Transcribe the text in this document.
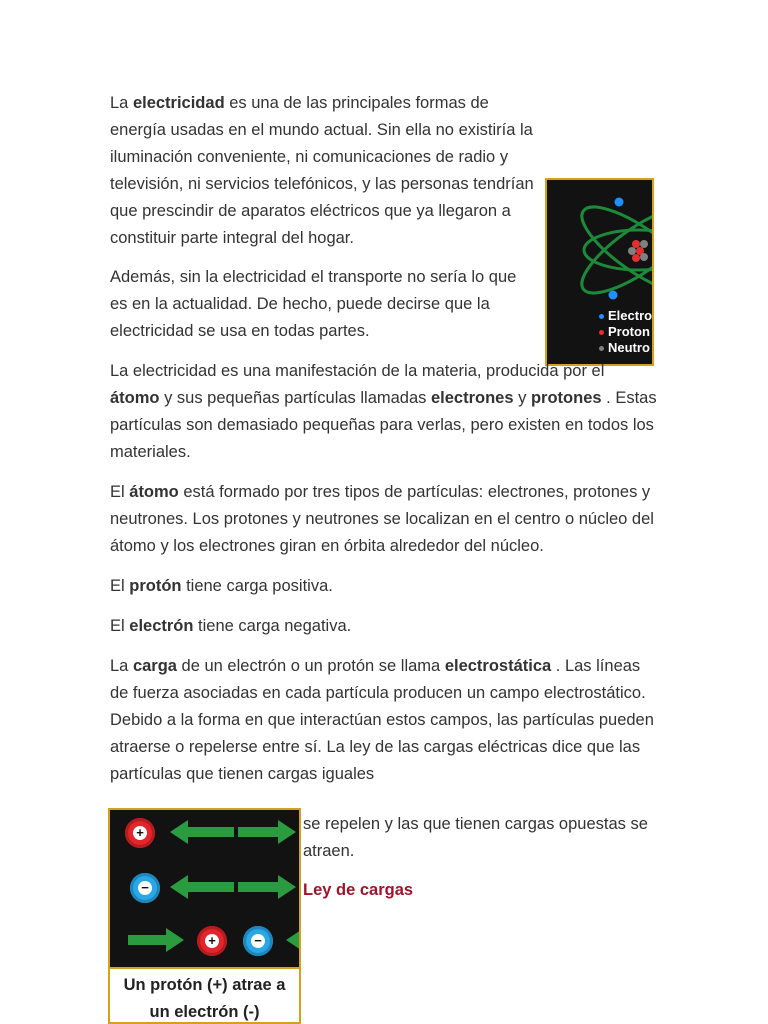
Electro
Proton
Neutro

La electricidad es una de las principales formas de energía usadas en el mundo actual. Sin ella no existiría la iluminación conveniente, ni comunicaciones de radio y televisión, ni servicios telefónicos, y las personas tendrían que prescindir de aparatos eléctricos que ya llegaron a constituir parte integral del hogar.

Además, sin la electricidad el transporte no sería lo que es en la actualidad. De hecho, puede decirse que la electricidad se usa en todas partes.

La electricidad es una manifestación de la materia, producida por el átomo y sus pequeñas partículas llamadas electrones y protones . Estas partículas son demasiado pequeñas para verlas, pero existen en todos los materiales.

El átomo está formado por tres tipos de partículas: electrones, protones y neutrones. Los protones y neutrones se localizan en el centro o núcleo del átomo y los electrones giran en órbita alrededor del núcleo.

El protón tiene carga positiva.

El electrón tiene carga negativa.

La carga de un electrón o un protón se llama electrostática . Las líneas de fuerza asociadas en cada partícula producen un campo electrostático. Debido a la forma en que interactúan estos campos, las partículas pueden atraerse o repelerse entre sí. La ley de las cargas eléctricas dice que las partículas que tienen cargas iguales

+
−
+	−
Un protón (+) atrae a
un electrón (-)

se repelen y las que tienen cargas opuestas se atraen.

Ley de cargas
